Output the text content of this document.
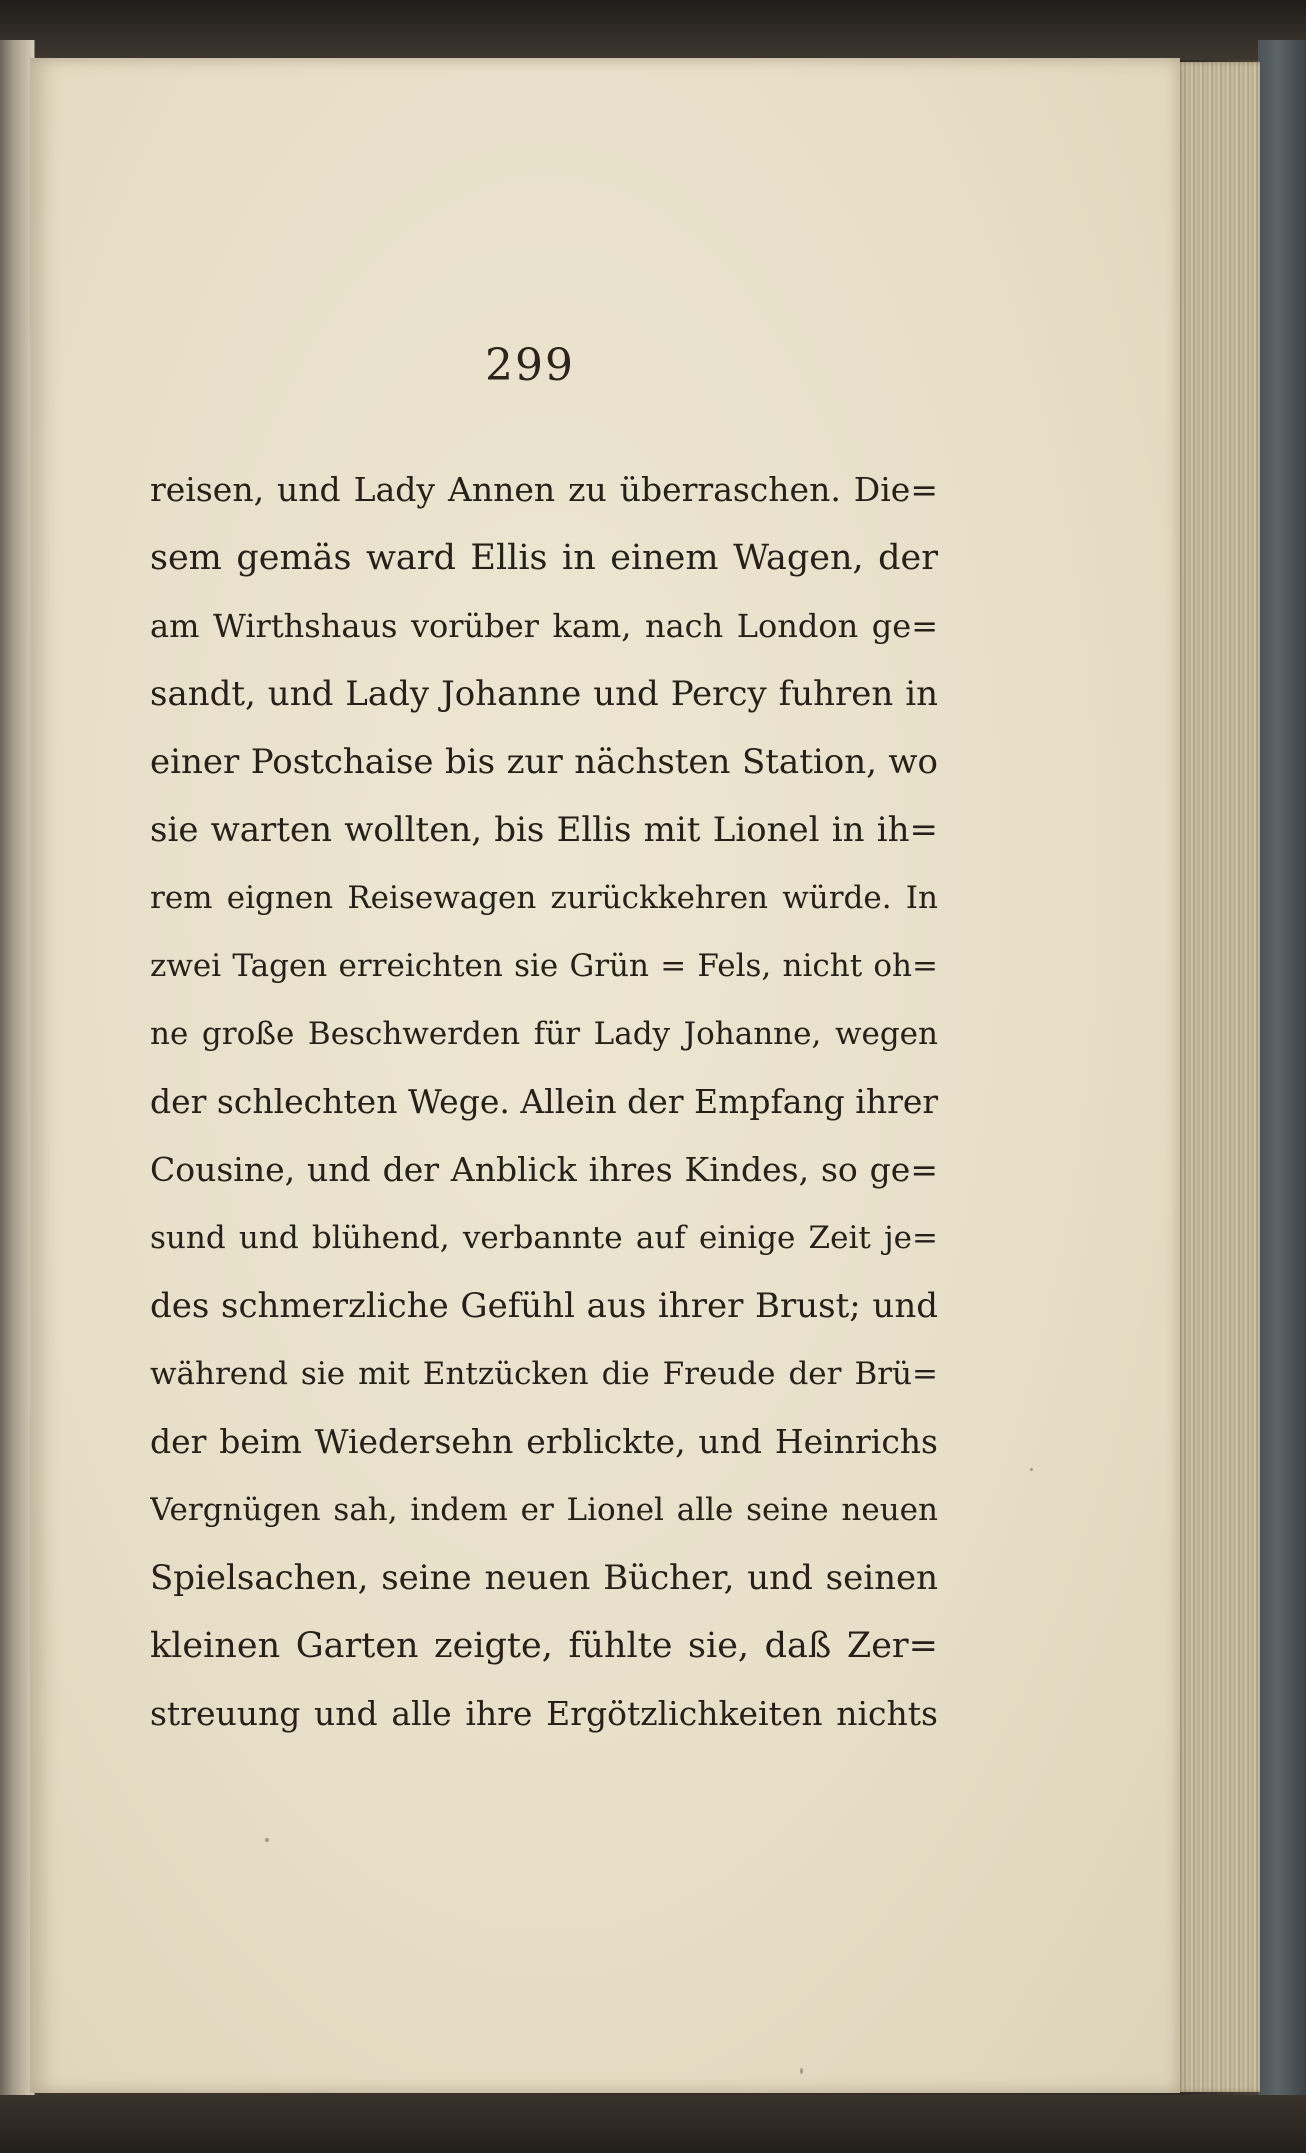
299
reisen, und Lady Annen zu überraschen. Die=
sem gemäs ward Ellis in einem Wagen, der
am Wirthshaus vorüber kam, nach London ge=
sandt, und Lady Johanne und Percy fuhren in
einer Postchaise bis zur nächsten Station, wo
sie warten wollten, bis Ellis mit Lionel in ih=
rem eignen Reisewagen zurückkehren würde. In
zwei Tagen erreichten sie Grün = Fels, nicht oh=
ne große Beschwerden für Lady Johanne, wegen
der schlechten Wege. Allein der Empfang ihrer
Cousine, und der Anblick ihres Kindes, so ge=
sund und blühend, verbannte auf einige Zeit je=
des schmerzliche Gefühl aus ihrer Brust; und
während sie mit Entzücken die Freude der Brü=
der beim Wiedersehn erblickte, und Heinrichs
Vergnügen sah, indem er Lionel alle seine neuen
Spielsachen, seine neuen Bücher, und seinen
kleinen Garten zeigte, fühlte sie, daß Zer=
streuung und alle ihre Ergötzlichkeiten nichts
